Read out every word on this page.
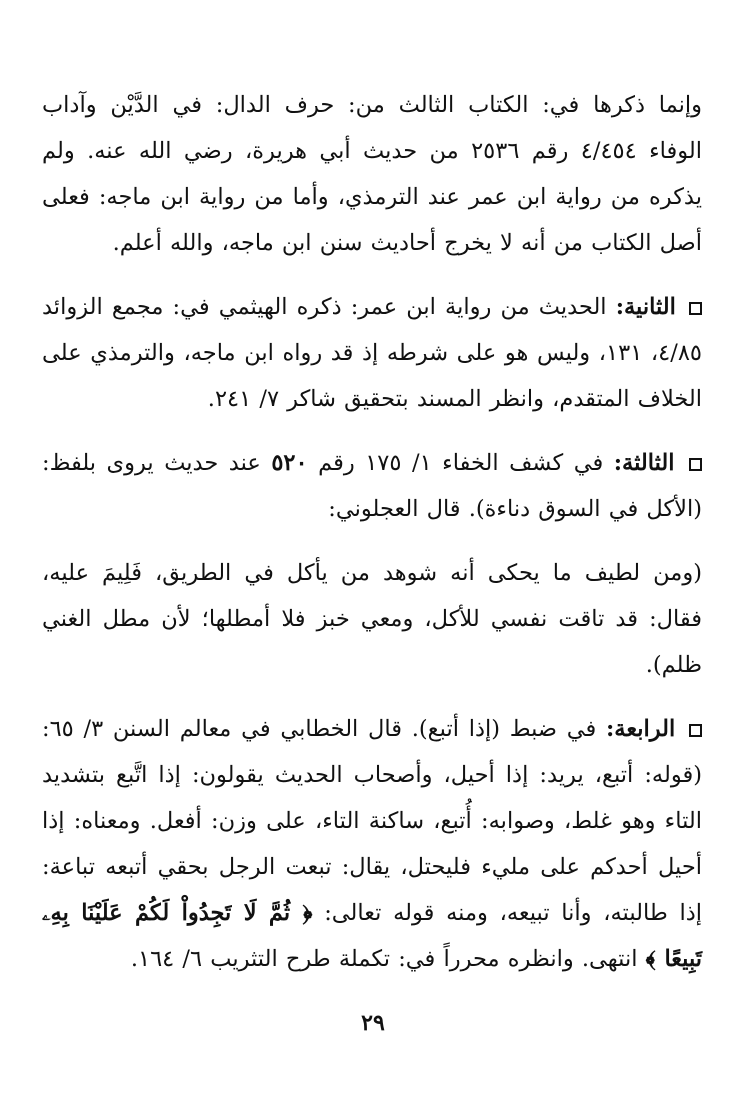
وإنما ذكرها في: الكتاب الثالث من: حرف الدال: في الدَّيْن وآداب الوفاء ٤/٤٥٤ رقم ٢٥٣٦ من حديث أبي هريرة، رضي الله عنه. ولم يذكره من رواية ابن عمر عند الترمذي، وأما من رواية ابن ماجه: فعلى أصل الكتاب من أنه لا يخرج أحاديث سنن ابن ماجه، والله أعلم.

الثانية: الحديث من رواية ابن عمر: ذكره الهيثمي في: مجمع الزوائد ٤/٨٥، ١٣١، وليس هو على شرطه إذ قد رواه ابن ماجه، والترمذي على الخلاف المتقدم، وانظر المسند بتحقيق شاكر ٧/ ٢٤١.

الثالثة: في كشف الخفاء ١/ ١٧٥ رقم ٥٢٠ عند حديث يروى بلفظ: (الأكل في السوق دناءة). قال العجلوني:

(ومن لطيف ما يحكى أنه شوهد من يأكل في الطريق، فَلِيمَ عليه، فقال: قد تاقت نفسي للأكل، ومعي خبز فلا أمطلها؛ لأن مطل الغني ظلم).

الرابعة: في ضبط (إذا أتبع). قال الخطابي في معالم السنن ٣/ ٦٥: (قوله: أتبع، يريد: إذا أحيل، وأصحاب الحديث يقولون: إذا اتَّبع بتشديد التاء وهو غلط، وصوابه: أُتبع، ساكنة التاء، على وزن: أفعل. ومعناه: إذا أحيل أحدكم على مليء فليحتل، يقال: تبعت الرجل بحقي أتبعه تباعة: إذا طالبته، وأنا تبيعه، ومنه قوله تعالى: ﴿ ثُمَّ لَا تَجِدُواْ لَكُمْ عَلَيْنَا بِهِۦ تَبِيعًا ﴾ انتهى. وانظره محرراً في: تكملة طرح التثريب ٦/ ١٦٤.

٢٩
